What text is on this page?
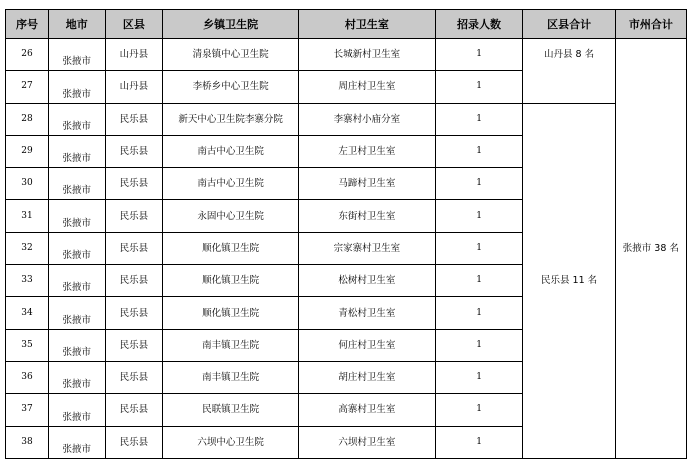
序号	地市	区县	乡镇卫生院	村卫生室	招录人数	区县合计	市州合计
26	张掖市	山丹县	清泉镇中心卫生院	长城新村卫生室	1	山丹县 8 名	张掖市 38 名
27	张掖市	山丹县	李桥乡中心卫生院	周庄村卫生室	1		
28	张掖市	民乐县	新天中心卫生院李寨分院	李寨村小庙分室	1	民乐县 11 名	
29	张掖市	民乐县	南古中心卫生院	左卫村卫生室	1		
30	张掖市	民乐县	南古中心卫生院	马蹄村卫生室	1		
31	张掖市	民乐县	永固中心卫生院	东街村卫生室	1		
32	张掖市	民乐县	顺化镇卫生院	宗家寨村卫生室	1		
33	张掖市	民乐县	顺化镇卫生院	松树村卫生室	1		
34	张掖市	民乐县	顺化镇卫生院	青松村卫生室	1		
35	张掖市	民乐县	南丰镇卫生院	何庄村卫生室	1		
36	张掖市	民乐县	南丰镇卫生院	胡庄村卫生室	1		
37	张掖市	民乐县	民联镇卫生院	高寨村卫生室	1		
38	张掖市	民乐县	六坝中心卫生院	六坝村卫生室	1		
